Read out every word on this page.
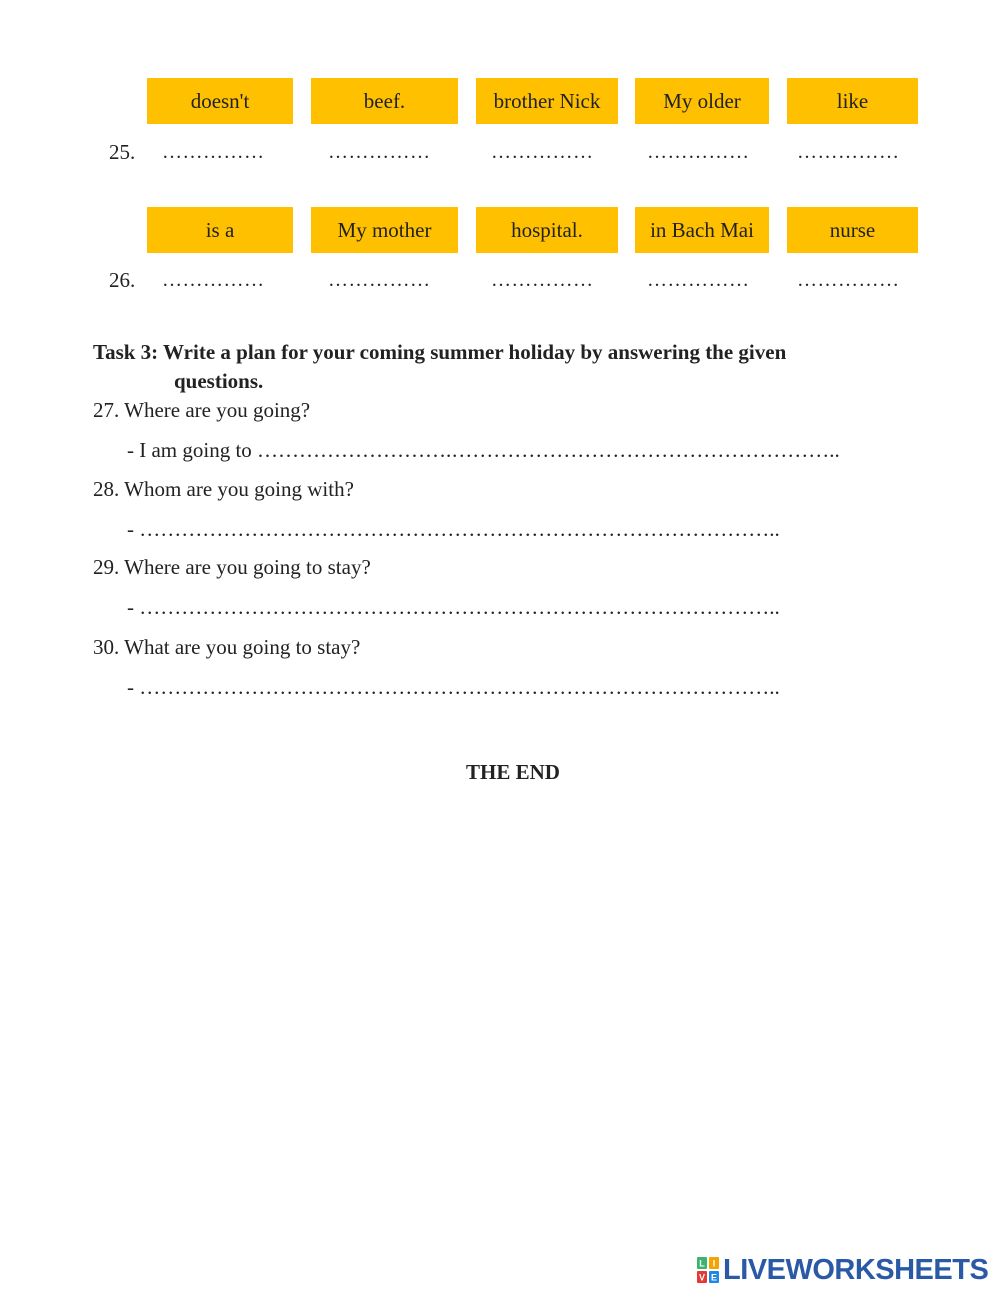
doesn't	beef.	brother Nick	My older	like
25. ……………	……………	……………	…………… ……………
is a	My mother	hospital.	in Bach Mai	nurse
26. ……………	……………	……………	…………… ……………
Task 3: Write a plan for your coming summer holiday by answering the given
questions.
27. Where are you going?
- I am going to ……………………….………………………………………………..
28. Whom are you going with?
- ………………………………………………………………………………..
29. Where are you going to stay?
- ………………………………………………………………………………..
30. What are you going to stay?
- ………………………………………………………………………………..
THE END
L I
V E LIVEWORKSHEETS
